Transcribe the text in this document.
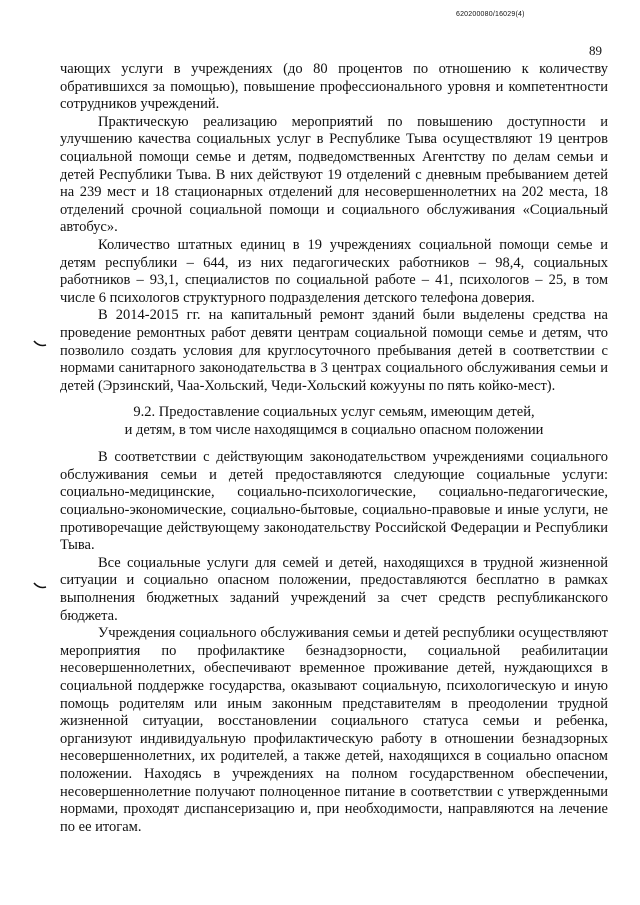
620200080/16029(4)
89

чающих услуги в учреждениях (до 80 процентов по отношению к количеству обратившихся за помощью), повышение профессионального уровня и компетентности сотрудников учреждений.

Практическую реализацию мероприятий по повышению доступности и улучшению качества социальных услуг в Республике Тыва осуществляют 19 центров социальной помощи семье и детям, подведомственных Агентству по делам семьи и детей Республики Тыва. В них действуют 19 отделений с дневным пребыванием детей на 239 мест и 18 стационарных отделений для несовершеннолетних на 202 места, 18 отделений срочной социальной помощи и социального обслуживания «Социальный автобус».

Количество штатных единиц в 19 учреждениях социальной помощи семье и детям республики – 644, из них педагогических работников – 98,4, социальных работников – 93,1, специалистов по социальной работе – 41, психологов – 25, в том числе 6 психологов структурного подразделения детского телефона доверия.

В 2014-2015 гг. на капитальный ремонт зданий были выделены средства на проведение ремонтных работ девяти центрам социальной помощи семье и детям, что позволило создать условия для круглосуточного пребывания детей в соответствии с нормами санитарного законодательства в 3 центрах социального обслуживания семьи и детей (Эрзинский, Чаа-Хольский, Чеди-Хольский кожууны по пять койко-мест).

9.2. Предоставление социальных услуг семьям, имеющим детей,
и детям, в том числе находящимся в социально опасном положении

В соответствии с действующим законодательством учреждениями социального обслуживания семьи и детей предоставляются следующие социальные услуги: социально-медицинские, социально-психологические, социально-педагогические, социально-экономические, социально-бытовые, социально-правовые и иные услуги, не противоречащие действующему законодательству Российской Федерации и Республики Тыва.

Все социальные услуги для семей и детей, находящихся в трудной жизненной ситуации и социально опасном положении, предоставляются бесплатно в рамках выполнения бюджетных заданий учреждений за счет средств республиканского бюджета.

Учреждения социального обслуживания семьи и детей республики осуществляют мероприятия по профилактике безнадзорности, социальной реабилитации несовершеннолетних, обеспечивают временное проживание детей, нуждающихся в социальной поддержке государства, оказывают социальную, психологическую и иную помощь родителям или иным законным представителям в преодолении трудной жизненной ситуации, восстановлении социального статуса семьи и ребенка, организуют индивидуальную профилактическую работу в отношении безнадзорных несовершеннолетних, их родителей, а также детей, находящихся в социально опасном положении. Находясь в учреждениях на полном государственном обеспечении, несовершеннолетние получают полноценное питание в соответствии с утвержденными нормами, проходят диспансеризацию и, при необходимости, направляются на лечение по ее итогам.
